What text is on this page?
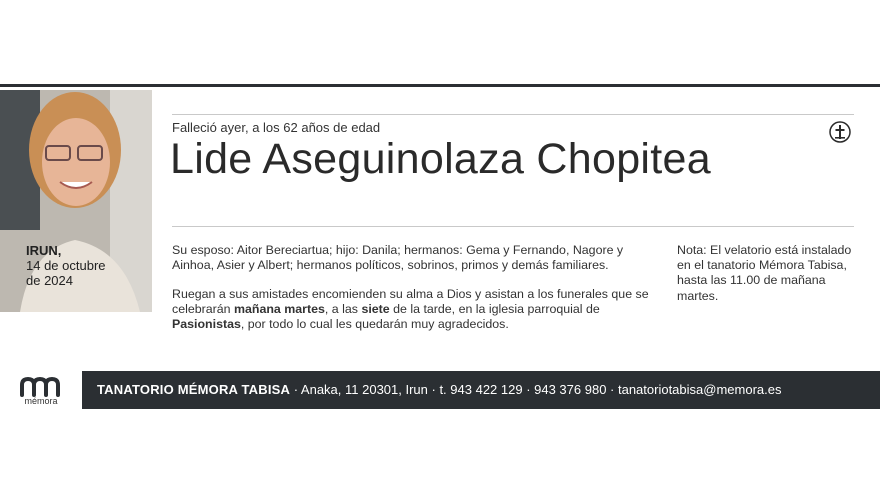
Falleció ayer, a los 62 años de edad
Lide Aseguinolaza Chopitea
IRUN,
14 de octubre
de 2024
Su esposo: Aitor Bereciartua; hijo: Danila; hermanos: Gema y Fernando, Nagore y Ainhoa, Asier y Albert; hermanos políticos, sobrinos, primos y demás familiares.
Ruegan a sus amistades encomienden su alma a Dios y asistan a los funerales que se celebrarán mañana martes, a las siete de la tarde, en la iglesia parroquial de Pasionistas, por todo lo cual les quedarán muy agradecidos.
Nota: El velatorio está instalado en el tanatorio Mémora Tabisa, hasta las 11.00 de mañana martes.
mémora
TANATORIO MÉMORA TABISA · Anaka, 11 20301, Irun · t. 943 422 129 · 943 376 980 · tanatoriotabisa@memora.es
